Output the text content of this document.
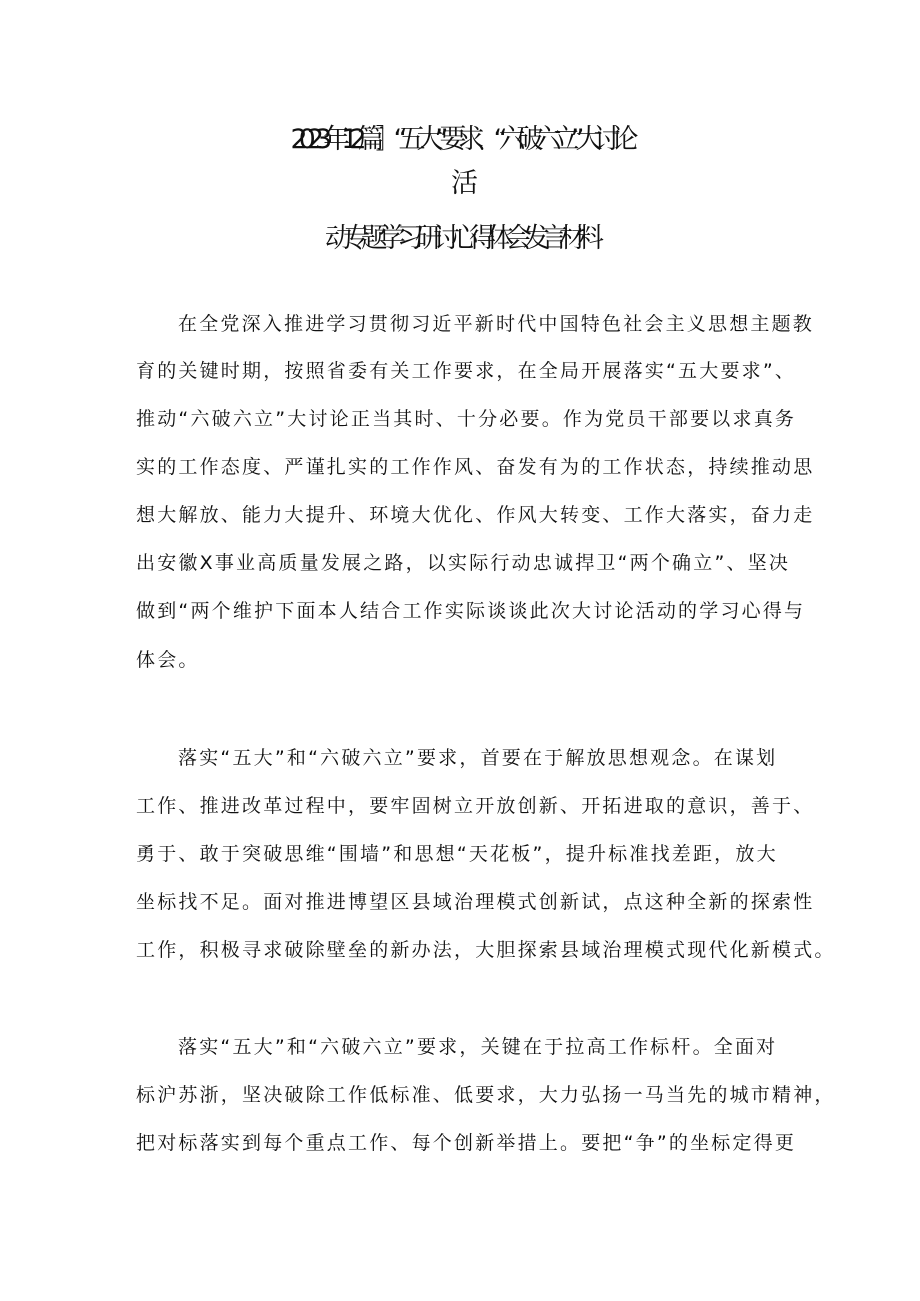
2023年12篇］“五大”要求、“六破六立”大讨论
活
动专题学习研讨心得体会发言材料
在全党深入推进学习贯彻习近平新时代中国特色社会主义思想主题教
育的关键时期，按照省委有关工作要求，在全局开展落实“五大要求”、
推动“六破六立”大讨论正当其时、十分必要。作为党员干部要以求真务
实的工作态度、严谨扎实的工作作风、奋发有为的工作状态，持续推动思
想大解放、能力大提升、环境大优化、作风大转变、工作大落实，奋力走
出安徽X事业高质量发展之路，以实际行动忠诚捍卫“两个确立”、坚决
做到“两个维护下面本人结合工作实际谈谈此次大讨论活动的学习心得与
体会。
落实“五大”和“六破六立”要求，首要在于解放思想观念。在谋划
工作、推进改革过程中，要牢固树立开放创新、开拓进取的意识，善于、
勇于、敢于突破思维“围墙”和思想“天花板”，提升标准找差距，放大
坐标找不足。面对推进博望区县域治理模式创新试，点这种全新的探索性
工作，积极寻求破除壁垒的新办法，大胆探索县域治理模式现代化新模式。
落实“五大”和“六破六立”要求，关键在于拉高工作标杆。全面对
标沪苏浙，坚决破除工作低标准、低要求，大力弘扬一马当先的城市精神，
把对标落实到每个重点工作、每个创新举措上。要把“争”的坐标定得更
